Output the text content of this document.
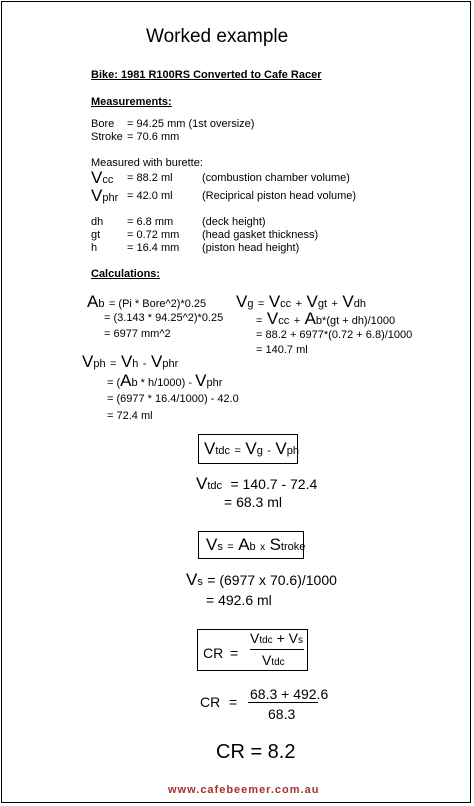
Worked example
Bike: 1981 R100RS Converted to Cafe Racer
Measurements:
Bore = 94.25 mm (1st oversize)
Stroke = 70.6 mm
Measured with burette:
Vcc = 88.2 ml	(combustion chamber volume)
Vphr = 42.0 ml	(Reciprical piston head volume)
dh = 6.8 mm	(deck height)
gt = 0.72 mm (head gasket thickness)
h	= 16.4 mm (piston head height)
Calculations:
Ab = (Pi * Bore^2)*0.25
= (3.143 * 94.25^2)*0.25
= 6977 mm^2
Vg = Vcc + Vgt + Vdh
= Vcc + Ab*(gt + dh)/1000
= 88.2 + 6977*(0.72 + 6.8)/1000
= 140.7 ml
Vph = Vh - Vphr
= (Ab * h/1000) - Vphr
= (6977 * 16.4/1000) - 42.0
= 72.4 ml
Vtdc = Vg - Vph
Vtdc = 140.7 - 72.4
= 68.3 ml
Vs = Ab x Stroke
Vs = (6977 x 70.6)/1000
= 492.6 ml
CR =
Vtdc + Vs
Vtdc
CR = 68.3 + 492.6
68.3
CR = 8.2
www.cafebeemer.com.au
